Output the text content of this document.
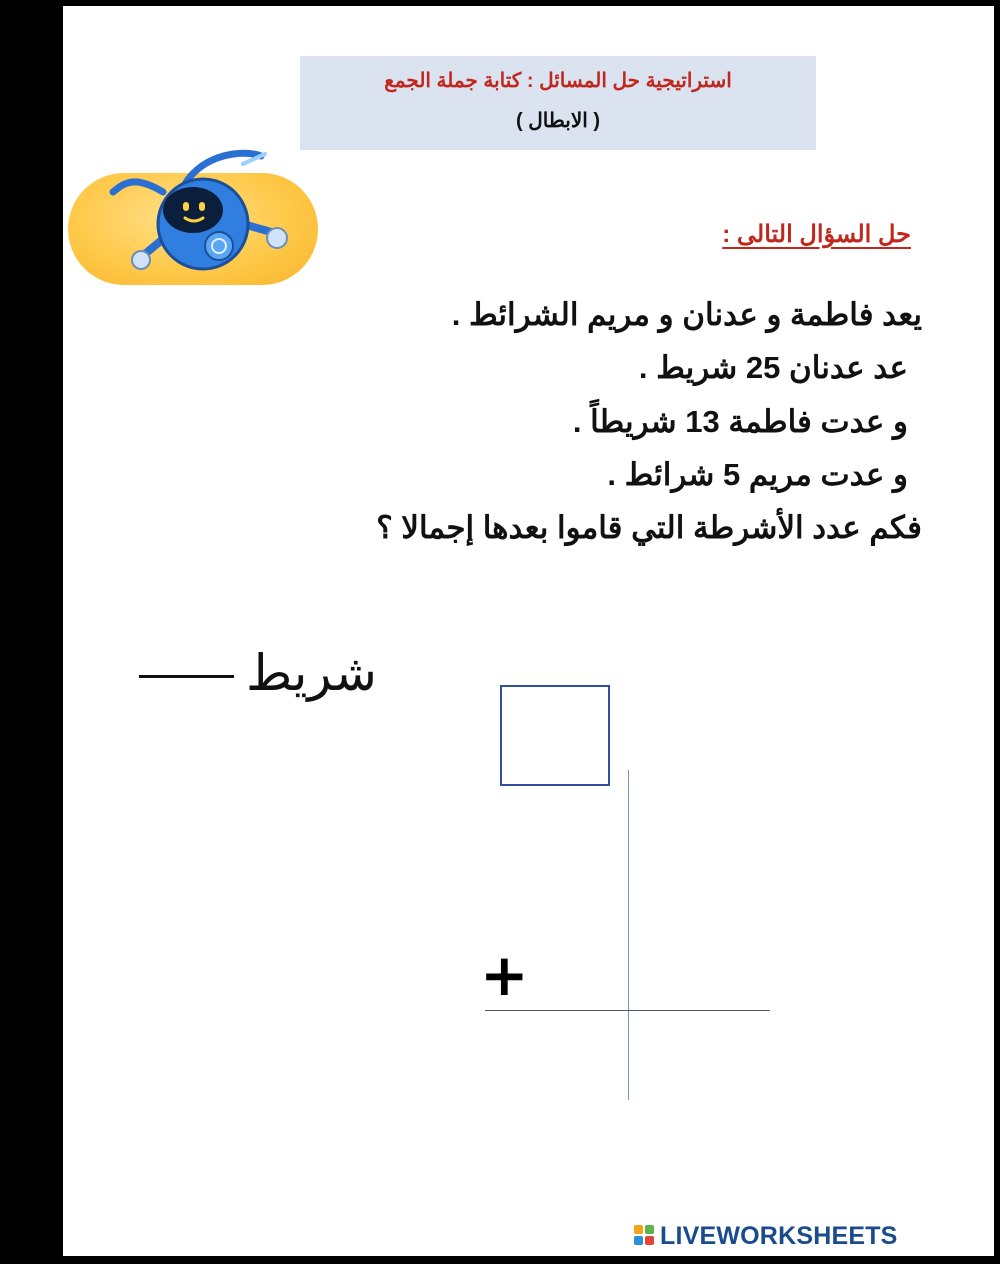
استراتيجية حل المسائل : كتابة جملة الجمع
( الابطال )
حل السؤال التالى :
يعد فاطمة و عدنان و مريم الشرائط .
عد عدنان 25 شريط .
و عدت فاطمة 13 شريطاً .
و عدت مريم 5 شرائط .
فكم عدد الأشرطة التي قاموا بعدها إجمالا ؟
شريط
+
LIVEWORKSHEETS
